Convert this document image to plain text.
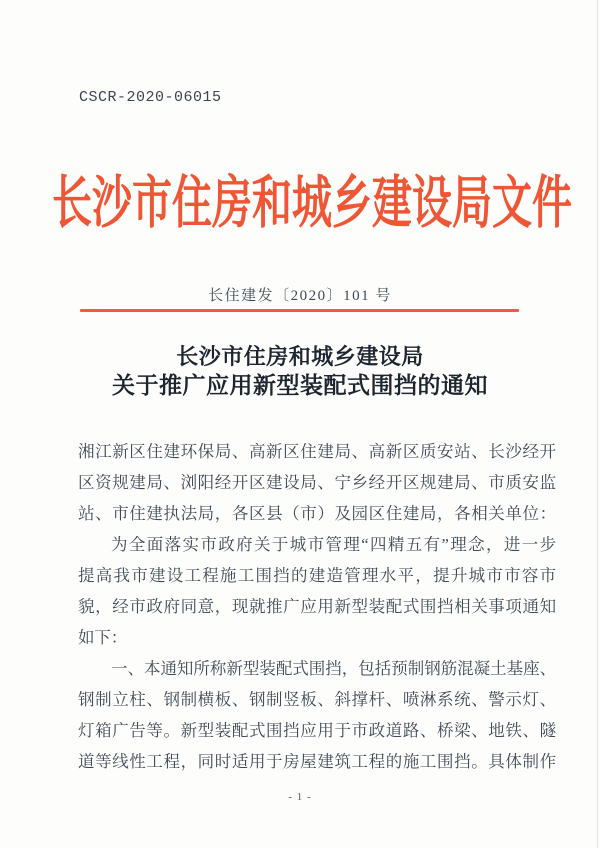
CSCR-2020-06015
长沙市住房和城乡建设局文件
长住建发〔2020〕101 号
长沙市住房和城乡建设局
关于推广应用新型装配式围挡的通知
湘江新区住建环保局、高新区住建局、高新区质安站、长沙经开
区资规建局、浏阳经开区建设局、宁乡经开区规建局、市质安监
站、市住建执法局，各区县（市）及园区住建局，各相关单位：
为全面落实市政府关于城市管理“四精五有”理念，进一步
提高我市建设工程施工围挡的建造管理水平，提升城市市容市
貌，经市政府同意，现就推广应用新型装配式围挡相关事项通知
如下：
一、本通知所称新型装配式围挡，包括预制钢筋混凝土基座、
钢制立柱、钢制横板、钢制竖板、斜撑杆、喷淋系统、警示灯、
灯箱广告等。新型装配式围挡应用于市政道路、桥梁、地铁、隧
道等线性工程，同时适用于房屋建筑工程的施工围挡。具体制作
- 1 -
